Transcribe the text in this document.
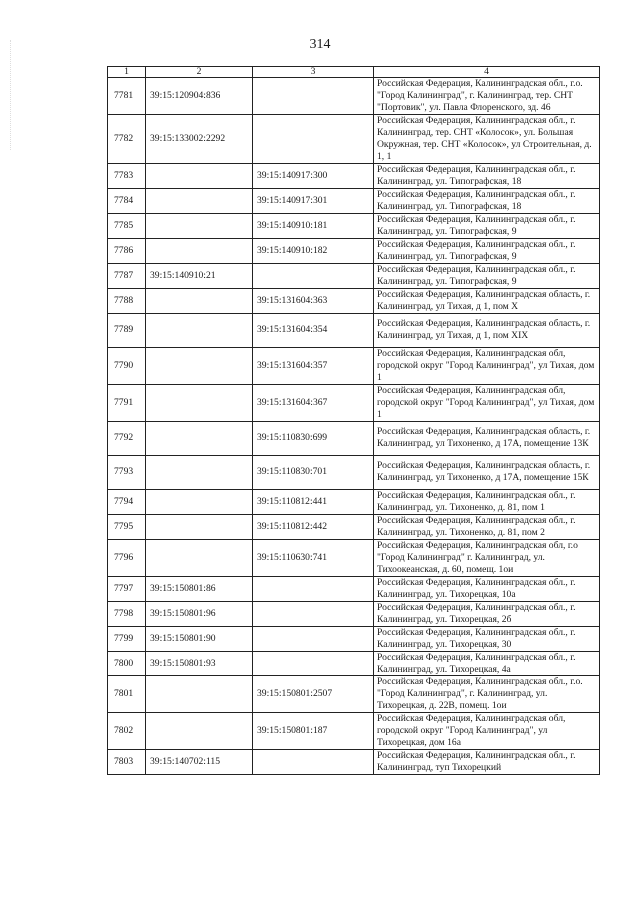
314
1	2	3	4
7781	39:15:120904:836		Российская Федерация, Калининградская обл., г.о. "Город Калининград", г. Калининград, тер. СНТ "Портовик", ул. Павла Флоренского, зд. 46
7782	39:15:133002:2292		Российская Федерация, Калининградская обл., г. Калининград, тер. СНТ «Колосок», ул. Большая Окружная, тер. СНТ «Колосок», ул Строительная, д. 1, 1
7783		39:15:140917:300	Российская Федерация, Калининградская обл., г. Калининград, ул. Типографская, 18
7784		39:15:140917:301	Российская Федерация, Калининградская обл., г. Калининград, ул. Типографская, 18
7785		39:15:140910:181	Российская Федерация, Калининградская обл., г. Калининград, ул. Типографская, 9
7786		39:15:140910:182	Российская Федерация, Калининградская обл., г. Калининград, ул. Типографская, 9
7787	39:15:140910:21		Российская Федерация, Калининградская обл., г. Калининград, ул. Типографская, 9
7788		39:15:131604:363	Российская Федерация, Калининградская область, г. Калининград, ул Тихая, д 1, пом X
7789		39:15:131604:354	Российская Федерация, Калининградская область, г. Калининград, ул Тихая, д 1, пом XIX
7790		39:15:131604:357	Российская Федерация, Калининградская обл, городской округ "Город Калининград", ул Тихая, дом 1
7791		39:15:131604:367	Российская Федерация, Калининградская обл, городской округ "Город Калининград", ул Тихая, дом 1
7792		39:15:110830:699	Российская Федерация, Калининградская область, г. Калининград, ул Тихоненко, д 17А, помещение 13К
7793		39:15:110830:701	Российская Федерация, Калининградская область, г. Калининград, ул Тихоненко, д 17А, помещение 15К
7794		39:15:110812:441	Российская Федерация, Калининградская обл., г. Калининград, ул. Тихоненко, д. 81, пом 1
7795		39:15:110812:442	Российская Федерация, Калининградская обл., г. Калининград, ул. Тихоненко, д. 81, пом 2
7796		39:15:110630:741	Российская Федерация, Калининградская обл, г.о "Город Калининград" г. Калининград, ул. Тихоокеанская, д. 60, помещ. 1ои
7797	39:15:150801:86		Российская Федерация, Калининградская обл., г. Калининград, ул. Тихорецкая, 10а
7798	39:15:150801:96		Российская Федерация, Калининградская обл., г. Калининград, ул. Тихорецкая, 2б
7799	39:15:150801:90		Российская Федерация, Калининградская обл., г. Калининград, ул. Тихорецкая, 30
7800	39:15:150801:93		Российская Федерация, Калининградская обл., г. Калининград, ул. Тихорецкая, 4а
7801		39:15:150801:2507	Российская Федерация, Калининградская обл., г.о. "Город Калининград", г. Калининград, ул. Тихорецкая, д. 22В, помещ. 1ои
7802		39:15:150801:187	Российская Федерация, Калининградская обл, городской округ "Город Калининград", ул Тихорецкая, дом 16а
7803	39:15:140702:115		Российская Федерация, Калининградская обл., г. Калининград, туп Тихорецкий
